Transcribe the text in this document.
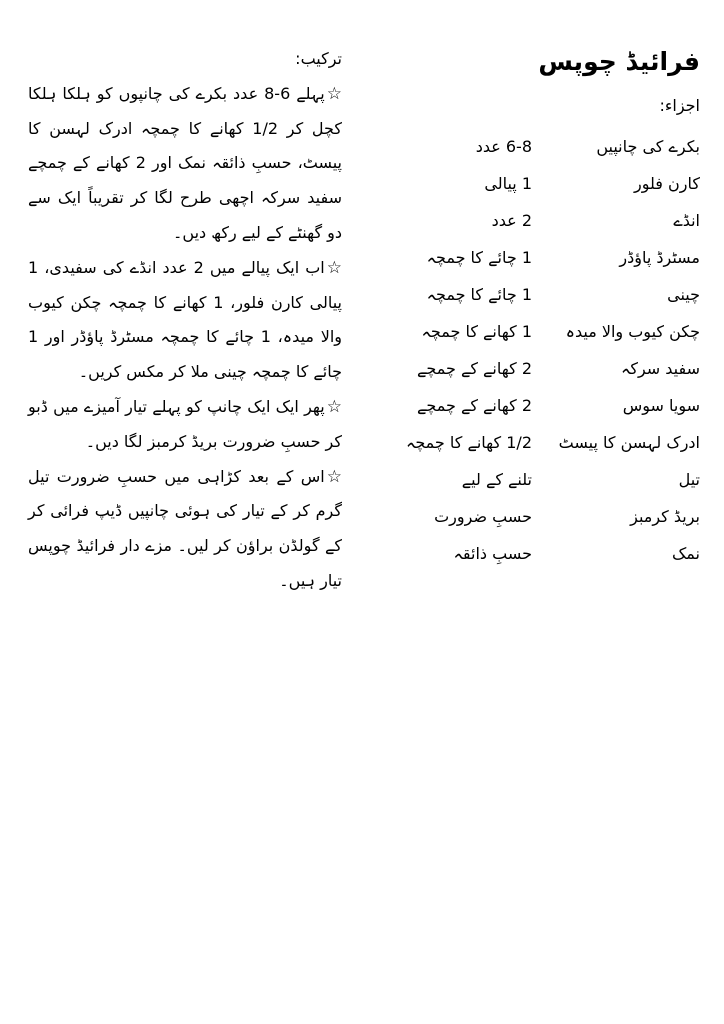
ترکیب:

☆پہلے 6-8 عدد بکرے کی چانپوں کو ہلکا ہلکا کچل کر 1/2 کھانے کا چمچہ ادرک لہسن کا پیسٹ، حسبِ ذائقہ نمک اور 2 کھانے کے چمچے سفید سرکہ اچھی طرح لگا کر تقریباً ایک سے دو گھنٹے کے لیے رکھ دیں۔

☆اب ایک پیالے میں 2 عدد انڈے کی سفیدی، 1 پیالی کارن فلور، 1 کھانے کا چمچہ چکن کیوب والا میدہ، 1 چائے کا چمچہ مسٹرڈ پاؤڈر اور 1 چائے کا چمچہ چینی ملا کر مکس کریں۔

☆پھر ایک ایک چانپ کو پہلے تیار آمیزے میں ڈبو کر حسبِ ضرورت بریڈ کرمبز لگا دیں۔

☆اس کے بعد کڑاہی میں حسبِ ضرورت تیل گرم کر کے تیار کی ہوئی چانپیں ڈیپ فرائی کر کے گولڈن براؤن کر لیں۔ مزے دار فرائیڈ چوپس تیار ہیں۔

فرائیڈ چوپس
اجزاء:
بکرے کی چانپیں
6-8 عدد
کارن فلور
1 پیالی
انڈے
2 عدد
مسٹرڈ پاؤڈر
1 چائے کا چمچہ
چینی
1 چائے کا چمچہ
چکن کیوب والا میدہ
1 کھانے کا چمچہ
سفید سرکہ
2 کھانے کے چمچے
سویا سوس
2 کھانے کے چمچے
ادرک لہسن کا پیسٹ
1/2 کھانے کا چمچہ
تیل
تلنے کے لیے
بریڈ کرمبز
حسبِ ضرورت
نمک
حسبِ ذائقہ
